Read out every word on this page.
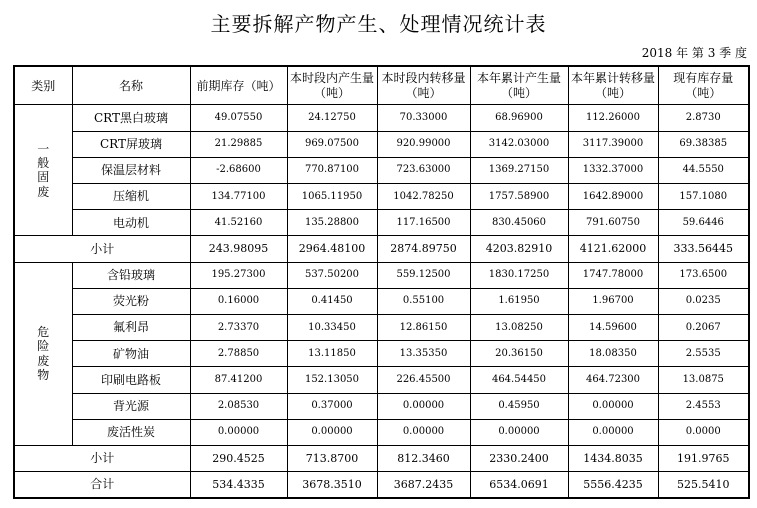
主要拆解产物产生、处理情况统计表
2018 年 第 3 季 度
类别	名称	前期库存（吨）	本时段内产生量（吨）	本时段内转移量（吨）	本年累计产生量（吨）	本年累计转移量（吨）	现有库存量（吨）

一
般
固
废	CRT黑白玻璃	49.07550	24.12750	70.33000	68.96900	112.26000	2.8730
	CRT屏玻璃	21.29885	969.07500	920.99000	3142.03000	3117.39000	69.38385
	保温层材料	-2.68600	770.87100	723.63000	1369.27150	1332.37000	44.5550
	压缩机	134.77100	1065.11950	1042.78250	1757.58900	1642.89000	157.1080
	电动机	41.52160	135.28800	117.16500	830.45060	791.60750	59.6446
小计		243.98095	2964.48100	2874.89750	4203.82910	4121.62000	333.56445

危
险
废
物	含铅玻璃	195.27300	537.50200	559.12500	1830.17250	1747.78000	173.6500
	荧光粉	0.16000	0.41450	0.55100	1.61950	1.96700	0.0235
	氟利昂	2.73370	10.33450	12.86150	13.08250	14.59600	0.2067
	矿物油	2.78850	13.11850	13.35350	20.36150	18.08350	2.5535
	印刷电路板	87.41200	152.13050	226.45500	464.54450	464.72300	13.0875
	背光源	2.08530	0.37000	0.00000	0.45950	0.00000	2.4553
	废活性炭	0.00000	0.00000	0.00000	0.00000	0.00000	0.0000
小计		290.4525	713.8700	812.3460	2330.2400	1434.8035	191.9765
合计		534.4335	3678.3510	3687.2435	6534.0691	5556.4235	525.5410
